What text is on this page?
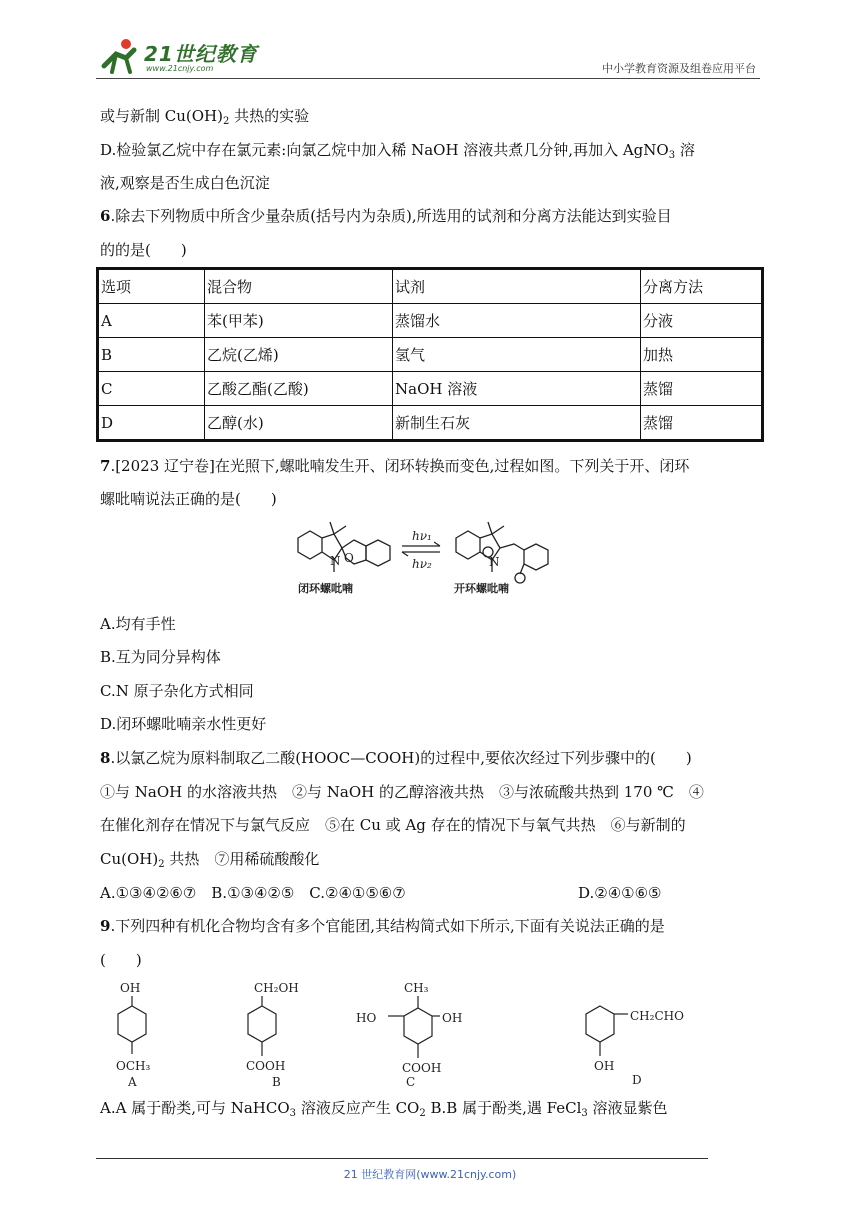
21世纪教育
www.21cnjy.com	中小学教育资源及组卷应用平台
或与新制 $Cu(OH)_2$ 共热的实验
D.检验氯乙烷中存在氯元素:向氯乙烷中加入稀 NaOH 溶液共煮几分钟,再加入 AgNO$_3$ 溶
液,观察是否生成白色沉淀
6.除去下列物质中所含少量杂质(括号内为杂质),所选用的试剂和分离方法能达到实验目
的的是(　　)
选项	混合物	试剂	分离方法
A	苯(甲苯)	蒸馏水	分液
B	乙烷(乙烯)	氢气	加热
C	乙酸乙酯(乙酸)	NaOH 溶液	蒸馏
D	乙醇(水)	新制生石灰	蒸馏
7.[2023 辽宁卷]在光照下,螺吡喃发生开、闭环转换而变色,过程如图。下列关于开、闭环
螺吡喃说法正确的是(　　)
N O
闭环螺吡喃
hν₁
hν₂	N
开环螺吡喃
A.均有手性
B.互为同分异构体
C.N 原子杂化方式相同
D.闭环螺吡喃亲水性更好
8.以氯乙烷为原料制取乙二酸(HOOC—COOH)的过程中,要依次经过下列步骤中的(　　)
①与 NaOH 的水溶液共热　②与 NaOH 的乙醇溶液共热　③与浓硫酸共热到 170 ℃　④
在催化剂存在情况下与氯气反应　⑤在 Cu 或 Ag 存在的情况下与氧气共热　⑥与新制的
$Cu(OH)_2$ 共热　⑦用稀硫酸酸化
A.①③④②⑥⑦　B.①③④②⑤　C.②④①⑤⑥⑦	D.②④①⑥⑤
9.下列四种有机化合物均含有多个官能团,其结构简式如下所示,下面有关说法正确的是
(　　)
OH
OCH₃
A
CH₂OH
COOH
B
CH₃
HO	OH
COOH
C
CH₂CHO
OH
D
A.A 属于酚类,可与 NaHCO$_3$ 溶液反应产生 $CO_2$ B.B 属于酚类,遇 FeCl$_3$ 溶液显紫色
21 世纪教育网(www.21cnjy.com)
